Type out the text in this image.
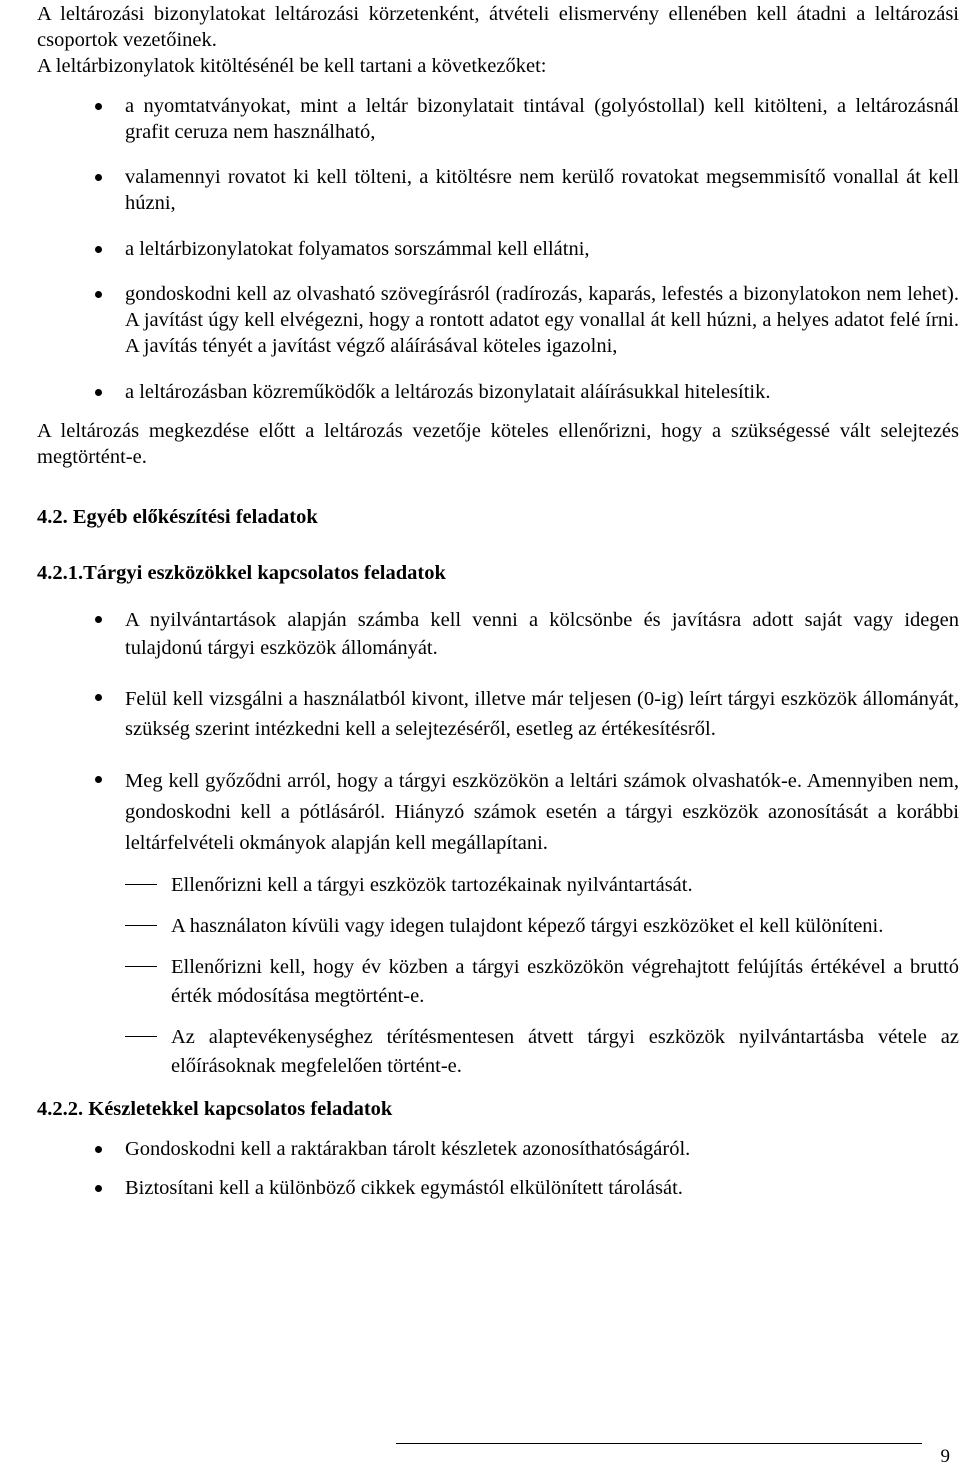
A leltározási bizonylatokat leltározási körzetenként, átvételi elismervény ellenében kell átadni a leltározási csoportok vezetőinek.

A leltárbizonylatok kitöltésénél be kell tartani a következőket:

a nyomtatványokat, mint a leltár bizonylatait tintával (golyóstollal) kell kitölteni, a leltározásnál grafit ceruza nem használható,
valamennyi rovatot ki kell tölteni, a kitöltésre nem kerülő rovatokat megsemmisítő vonallal át kell húzni,
a leltárbizonylatokat folyamatos sorszámmal kell ellátni,
gondoskodni kell az olvasható szövegírásról (radírozás, kaparás, lefestés a bizonylatokon nem lehet). A javítást úgy kell elvégezni, hogy a rontott adatot egy vonallal át kell húzni, a helyes adatot felé írni. A javítás tényét a javítást végző aláírásával köteles igazolni,
a leltározásban közreműködők a leltározás bizonylatait aláírásukkal hitelesítik.

A leltározás megkezdése előtt a leltározás vezetője köteles ellenőrizni, hogy a szükségessé vált selejtezés megtörtént-e.

4.2. Egyéb előkészítési feladatok
4.2.1.Tárgyi eszközökkel kapcsolatos feladatok
A nyilvántartások alapján számba kell venni a kölcsönbe és javításra adott saját vagy idegen tulajdonú tárgyi eszközök állományát.
Felül kell vizsgálni a használatból kivont, illetve már teljesen (0-ig) leírt tárgyi eszközök állományát, szükség szerint intézkedni kell a selejtezéséről, esetleg az értékesítésről.
Meg kell győződni arról, hogy a tárgyi eszközökön a leltári számok olvashatók-e. Amennyiben nem, gondoskodni kell a pótlásáról. Hiányzó számok esetén a tárgyi eszközök azonosítását a korábbi leltárfelvételi okmányok alapján kell megállapítani.
Ellenőrizni kell a tárgyi eszközök tartozékainak nyilvántartását.
A használaton kívüli vagy idegen tulajdont képező tárgyi eszközöket el kell különíteni.
Ellenőrizni kell, hogy év közben a tárgyi eszközökön végrehajtott felújítás értékével a bruttó érték módosítása megtörtént-e.
Az alaptevékenységhez térítésmentesen átvett tárgyi eszközök nyilvántartásba vétele az előírásoknak megfelelően történt-e.
4.2.2. Készletekkel kapcsolatos feladatok
Gondoskodni kell a raktárakban tárolt készletek azonosíthatóságáról.
Biztosítani kell a különböző cikkek egymástól elkülönített tárolását.
9
